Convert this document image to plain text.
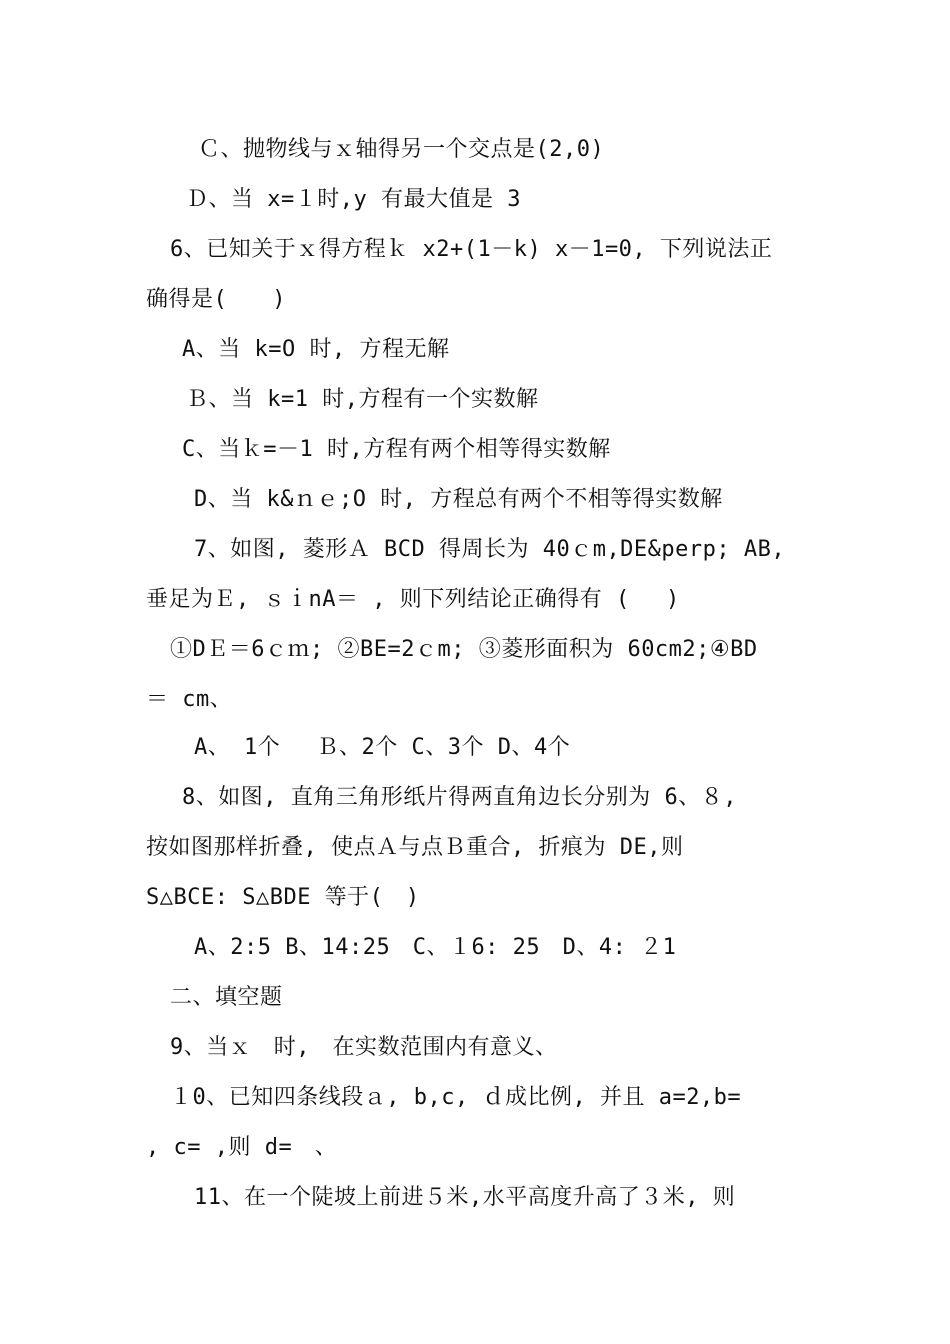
Ｃ、抛物线与ｘ轴得另一个交点是(2,0)
Ｄ、当 x=１时,y 有最大值是 3
6、已知关于ｘ得方程ｋ x2+(1－k) x－1=0, 下列说法正
确得是(　　)
A、当 k=O 时, 方程无解
Ｂ、当 k=1 时,方程有一个实数解
C、当ｋ=－1 时,方程有两个相等得实数解
D、当 k&ｎｅ;O 时, 方程总有两个不相等得实数解
7、如图, 菱形Ａ BCD 得周长为 40ｃm,DE&perp; AB,
垂足为Ｅ, ｓｉnA＝ , 则下列结论正确得有 (　 )
①DＥ＝6ｃｍ; ②BE=2ｃm; ③菱形面积为 60cm2;④BD
＝ cm、
A、 1个　 Ｂ、2个 C、3个 D、4个
8、如图, 直角三角形纸片得两直角边长分别为 6、８,
按如图那样折叠, 使点Ａ与点Ｂ重合, 折痕为 DE,则
S△BCE: S△BDE 等于(　)
A、2:5 B、14:25　C、１6: 25　D、4: ２1
二、填空题
9、当ｘ　时,　在实数范围内有意义、
１0、已知四条线段ａ, b,c, ｄ成比例, 并且 a=2,b=
, c= ,则 d=　、
11、在一个陡坡上前进５米,水平高度升高了３米, 则
